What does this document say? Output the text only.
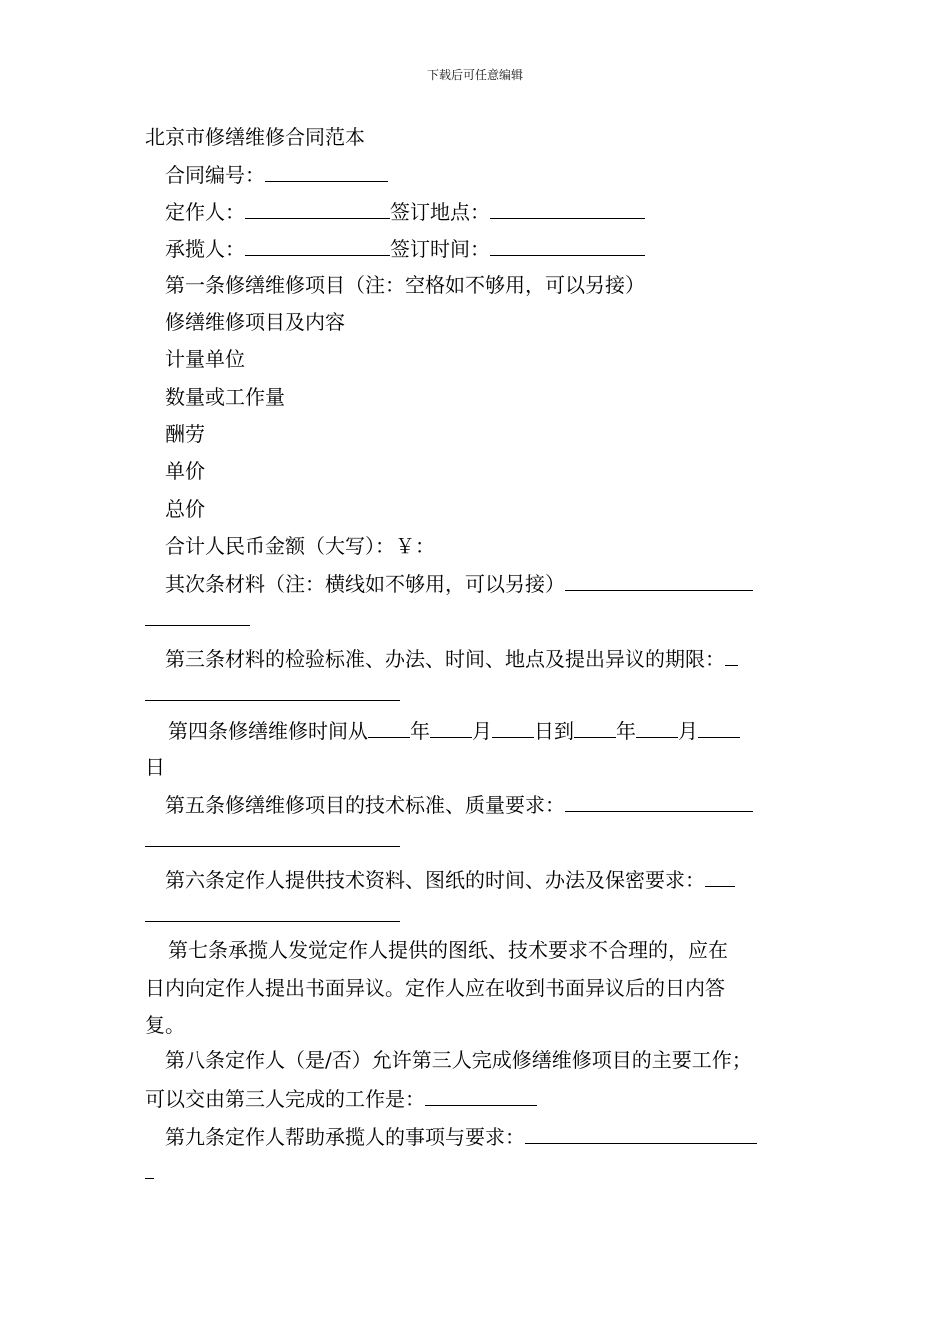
下载后可任意编辑
北京市修缮维修合同范本
合同编号：
定作人：	签订地点：
承揽人：	签订时间：
第一条修缮维修项目（注：空格如不够用，可以另接）
修缮维修项目及内容
计量单位
数量或工作量
酬劳
单价
总价
合计人民币金额（大写）：￥：
其次条材料（注：横线如不够用，可以另接）
第三条材料的检验标准、办法、时间、地点及提出异议的期限：
第四条修缮维修时间从 年 月 日到 年 月
日
第五条修缮维修项目的技术标准、质量要求：
第六条定作人提供技术资料、图纸的时间、办法及保密要求：
第七条承揽人发觉定作人提供的图纸、技术要求不合理的，应在
日内向定作人提出书面异议。定作人应在收到书面异议后的日内答
复。
第八条定作人（是/否）允许第三人完成修缮维修项目的主要工作；
可以交由第三人完成的工作是：
第九条定作人帮助承揽人的事项与要求：
